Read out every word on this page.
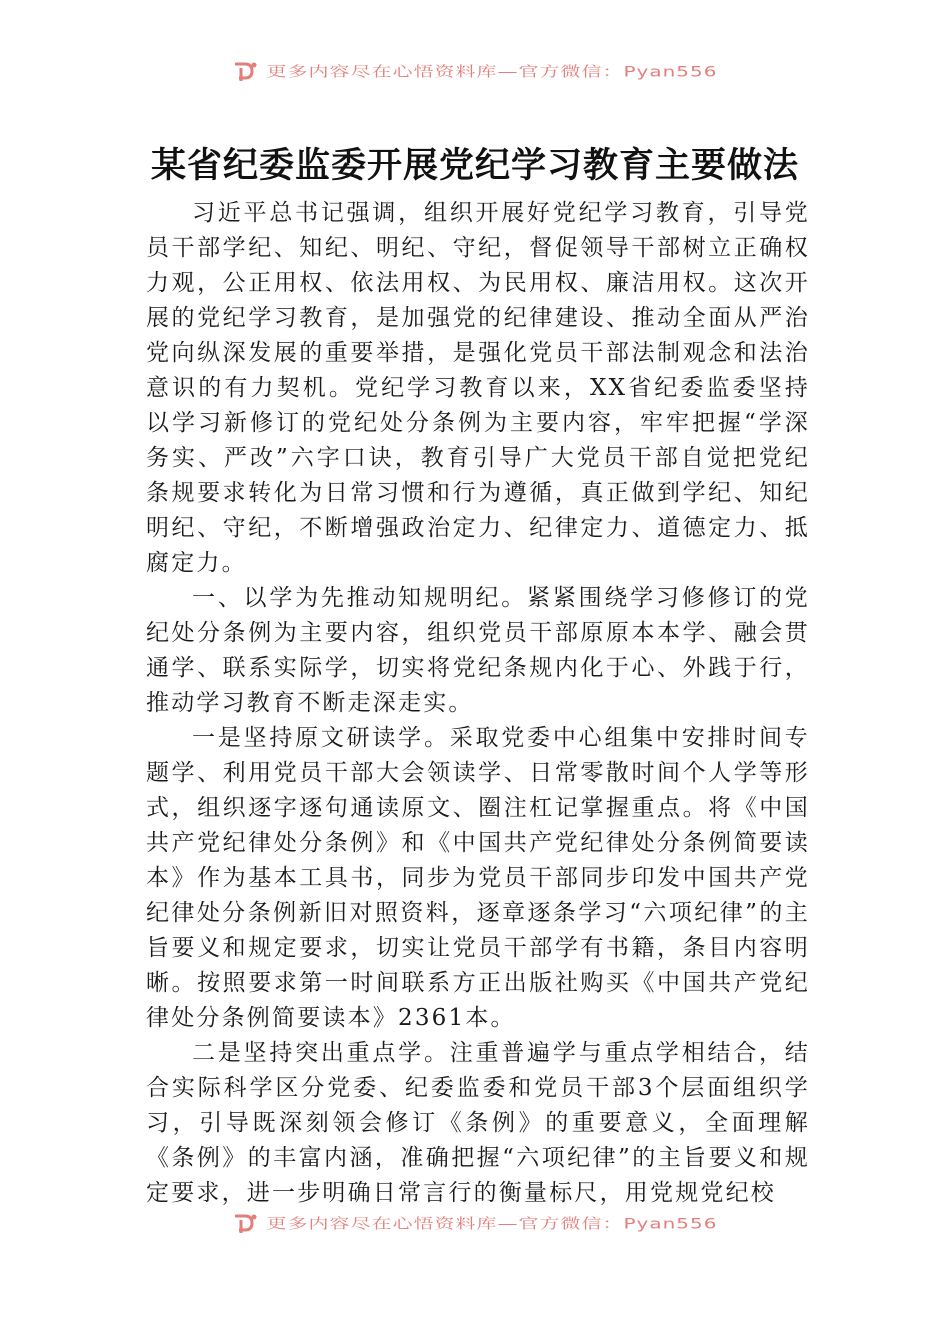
更多内容尽在心悟资料库—官方微信：Pyan556
某省纪委监委开展党纪学习教育主要做法

习近平总书记强调，组织开展好党纪学习教育，引导党员干部学纪、知纪、明纪、守纪，督促领导干部树立正确权力观，公正用权、依法用权、为民用权、廉洁用权。这次开展的党纪学习教育，是加强党的纪律建设、推动全面从严治党向纵深发展的重要举措，是强化党员干部法制观念和法治意识的有力契机。党纪学习教育以来，XX省纪委监委坚持以学习新修订的党纪处分条例为主要内容，牢牢把握“学深务实、严改”六字口诀，教育引导广大党员干部自觉把党纪条规要求转化为日常习惯和行为遵循，真正做到学纪、知纪明纪、守纪，不断增强政治定力、纪律定力、道德定力、抵腐定力。

一、以学为先推动知规明纪。紧紧围绕学习修修订的党纪处分条例为主要内容，组织党员干部原原本本学、融会贯通学、联系实际学，切实将党纪条规内化于心、外践于行，推动学习教育不断走深走实。

一是坚持原文研读学。采取党委中心组集中安排时间专题学、利用党员干部大会领读学、日常零散时间个人学等形式，组织逐字逐句通读原文、圈注杠记掌握重点。将《中国共产党纪律处分条例》和《中国共产党纪律处分条例简要读本》作为基本工具书，同步为党员干部同步印发中国共产党纪律处分条例新旧对照资料，逐章逐条学习“六项纪律”的主旨要义和规定要求，切实让党员干部学有书籍，条目内容明晰。按照要求第一时间联系方正出版社购买《中国共产党纪律处分条例简要读本》2361本。

二是坚持突出重点学。注重普遍学与重点学相结合，结合实际科学区分党委、纪委监委和党员干部3个层面组织学习，引导既深刻领会修订《条例》的重要意义，全面理解《条例》的丰富内涵，准确把握“六项纪律”的主旨要义和规定要求，进一步明确日常言行的衡量标尺，用党规党纪校

更多内容尽在心悟资料库—官方微信：Pyan556
